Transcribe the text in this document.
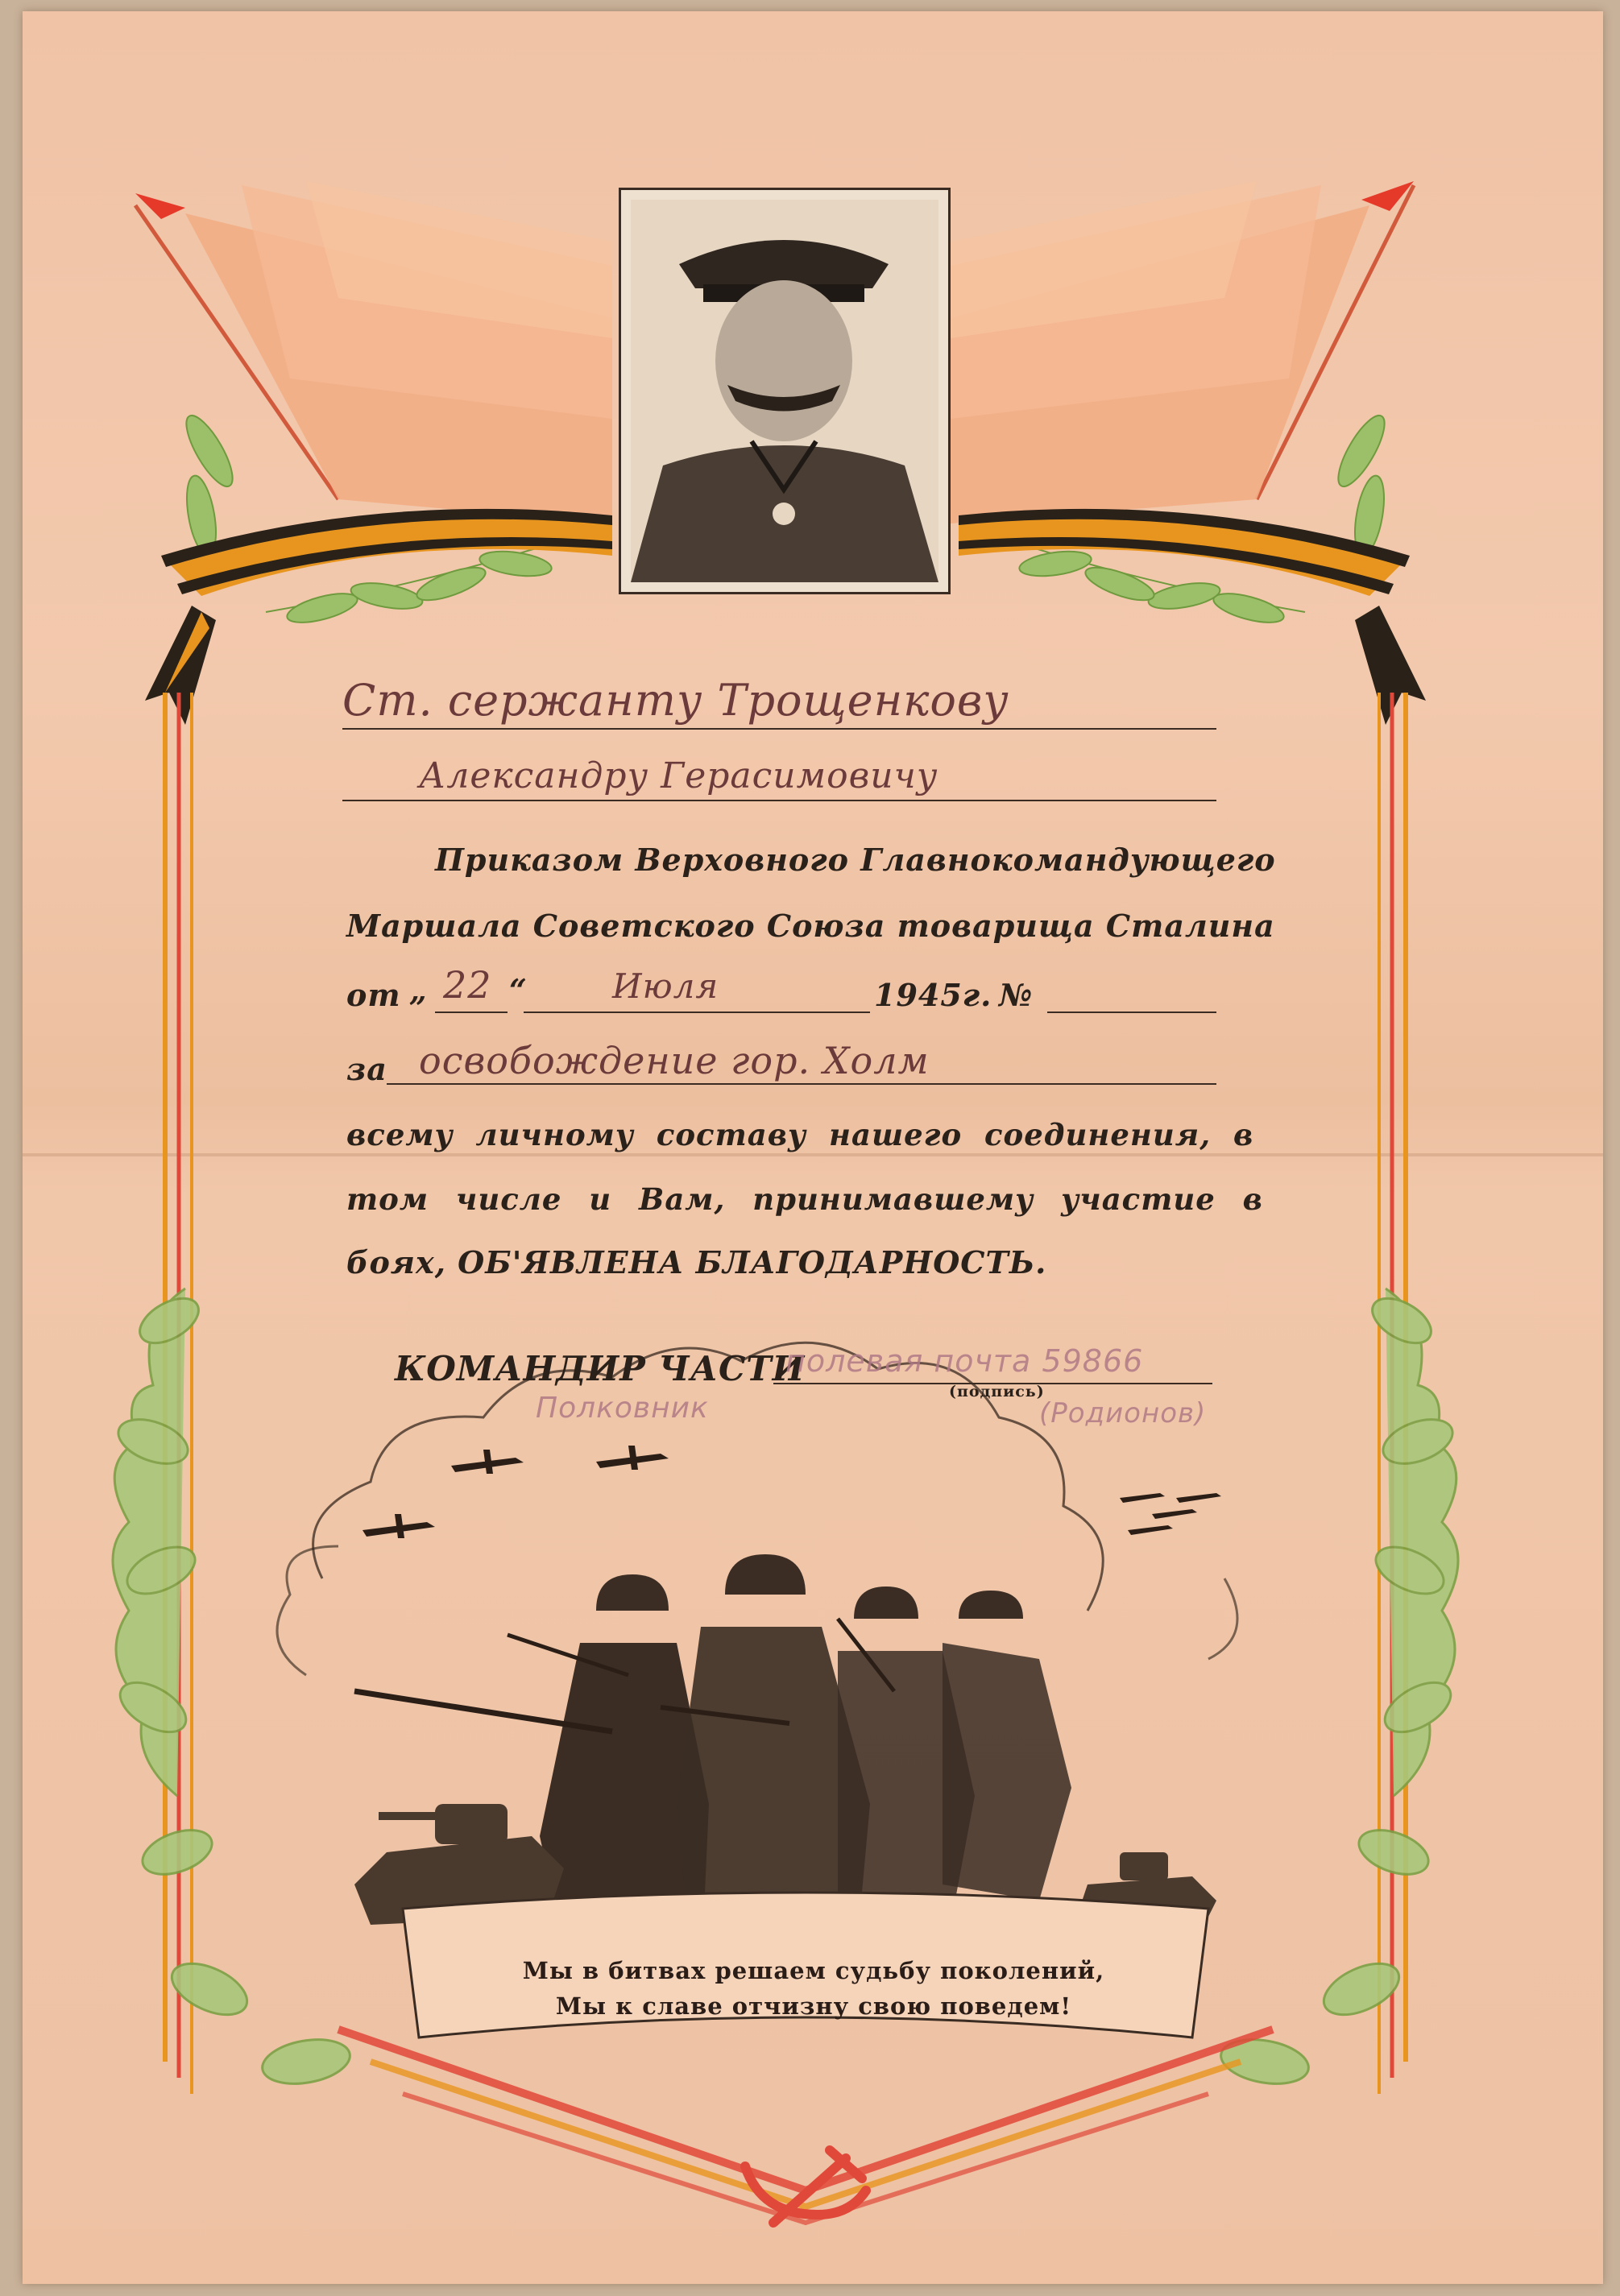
Ст. сержанту Трощенкову
Александру Герасимовичу
Приказом Верховного Главнокомандующего
Маршала Советского Союза товарища Сталина
от „ 22 “	Июля	1945г. №
за освобождение гор. Холм
всему личному составу нашего соединения, в
том числе и Вам, принимавшему участие в
боях, ОБ'ЯВЛЕНА БЛАГОДАРНОСТЬ.
КОМАНДИР ЧАСТИ
полевая почта 59866
(подпись)
Полковник	(Родионов)
Мы в битвах решаем судьбу поколений,
Мы к славе отчизну свою поведем!
